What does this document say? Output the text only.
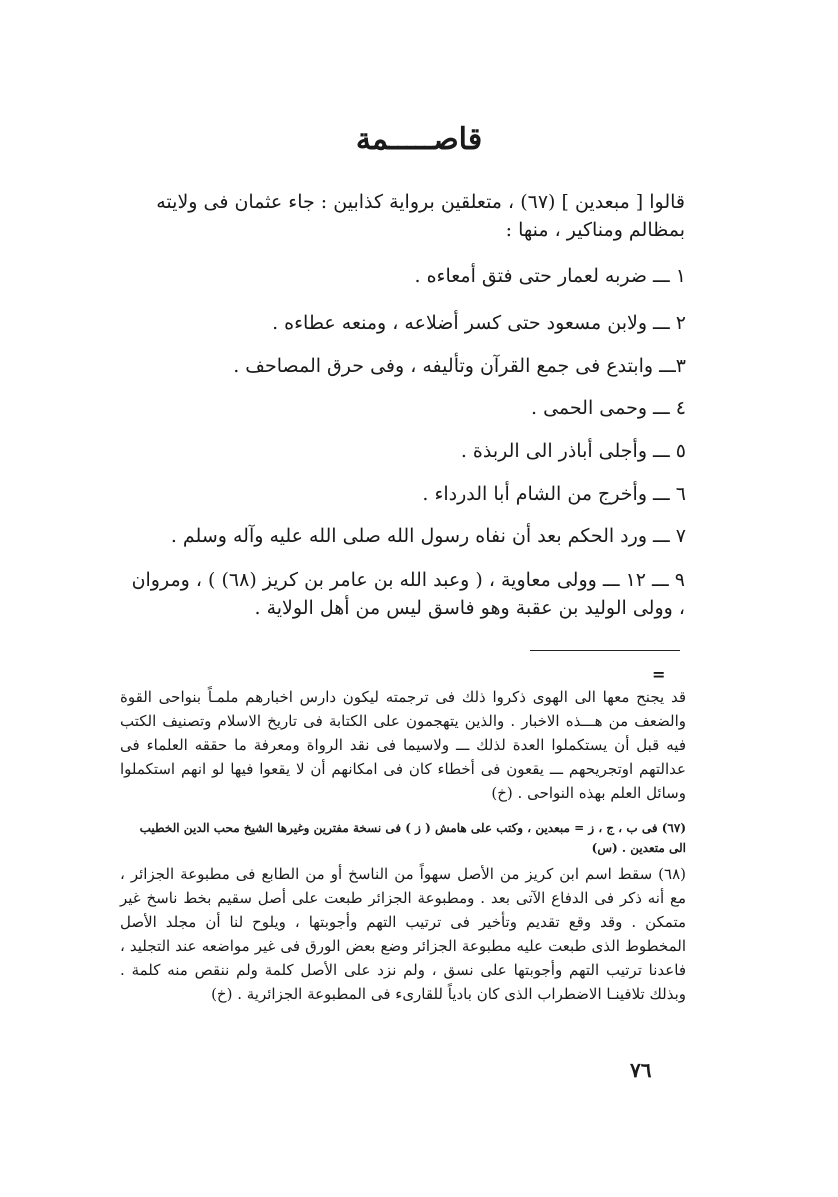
قاصـــــمة
قالوا [ مبعدين ] (٦٧) ، متعلقين برواية كذابين : جاء عثمان فى ولايته بمظالم ومناكير ، منها :
١ ـــ ضربه لعمار حتى فتق أمعاءه .
٢ ـــ ولابن مسعود حتى كسر أضلاعه ، ومنعه عطاءه .
٣ـــ وابتدع فى جمع القرآن وتأليفه ، وفى حرق المصاحف .
٤ ـــ وحمى الحمى .
٥ ـــ وأجلى أباذر الى الربذة .
٦ ـــ وأخرج من الشام أبا الدرداء .
٧ ـــ ورد الحكم بعد أن نفاه رسول الله صلى الله عليه وآله وسلم .
٩ ـــ ١٢ ـــ وولى معاوية ، ( وعبد الله بن عامر بن كريز (٦٨) ) ، ومروان ، وولى الوليد بن عقبة وهو فاسق ليس من أهل الولاية .
=
قد يجنح معها الى الهوى ذكروا ذلك فى ترجمته ليكون دارس اخبارهم ملمـاً بنواحى القوة والضعف من هـــذه الاخبار . والذين يتهجمون على الكتابة فى تاريخ الاسلام وتصنيف الكتب فيه قبل أن يستكملوا العدة لذلك ـــ ولاسيما فى نقد الرواة ومعرفة ما حققه العلماء فى عدالتهم اوتجريحهم ـــ يقعون فى أخطاء كان فى امكانهم أن لا يقعوا فيها لو انهم استكملوا وسائل العلم بهذه النواحى . (خ)
(٦٧) فى ب ، ج ، ز = مبعدين ، وكتب على هامش ( ز ) فى نسخة مفترين وغيرها الشيخ محب الدين الخطيب الى متعدين . (س)
(٦٨) سقط اسم ابن كريز من الأصل سهواً من الناسخ أو من الطابع فى مطبوعة الجزائر ، مع أنه ذكر فى الدفاع الآتى بعد . ومطبوعة الجزائر طبعت على أصل سقيم بخط ناسخ غير متمكن . وقد وقع تقديم وتأخير فى ترتيب التهم وأجوبتها ، ويلوح لنا أن مجلد الأصل المخطوط الذى طبعت عليه مطبوعة الجزائر وضع بعض الورق فى غير مواضعه عند التجليد ، فاعدنا ترتيب التهم وأجوبتها على نسق ، ولم نزد على الأصل كلمة ولم ننقص منه كلمة . وبذلك تلافينـا الاضطراب الذى كان بادياً للقارىء فى المطبوعة الجزائرية . (خ)
٧٦
